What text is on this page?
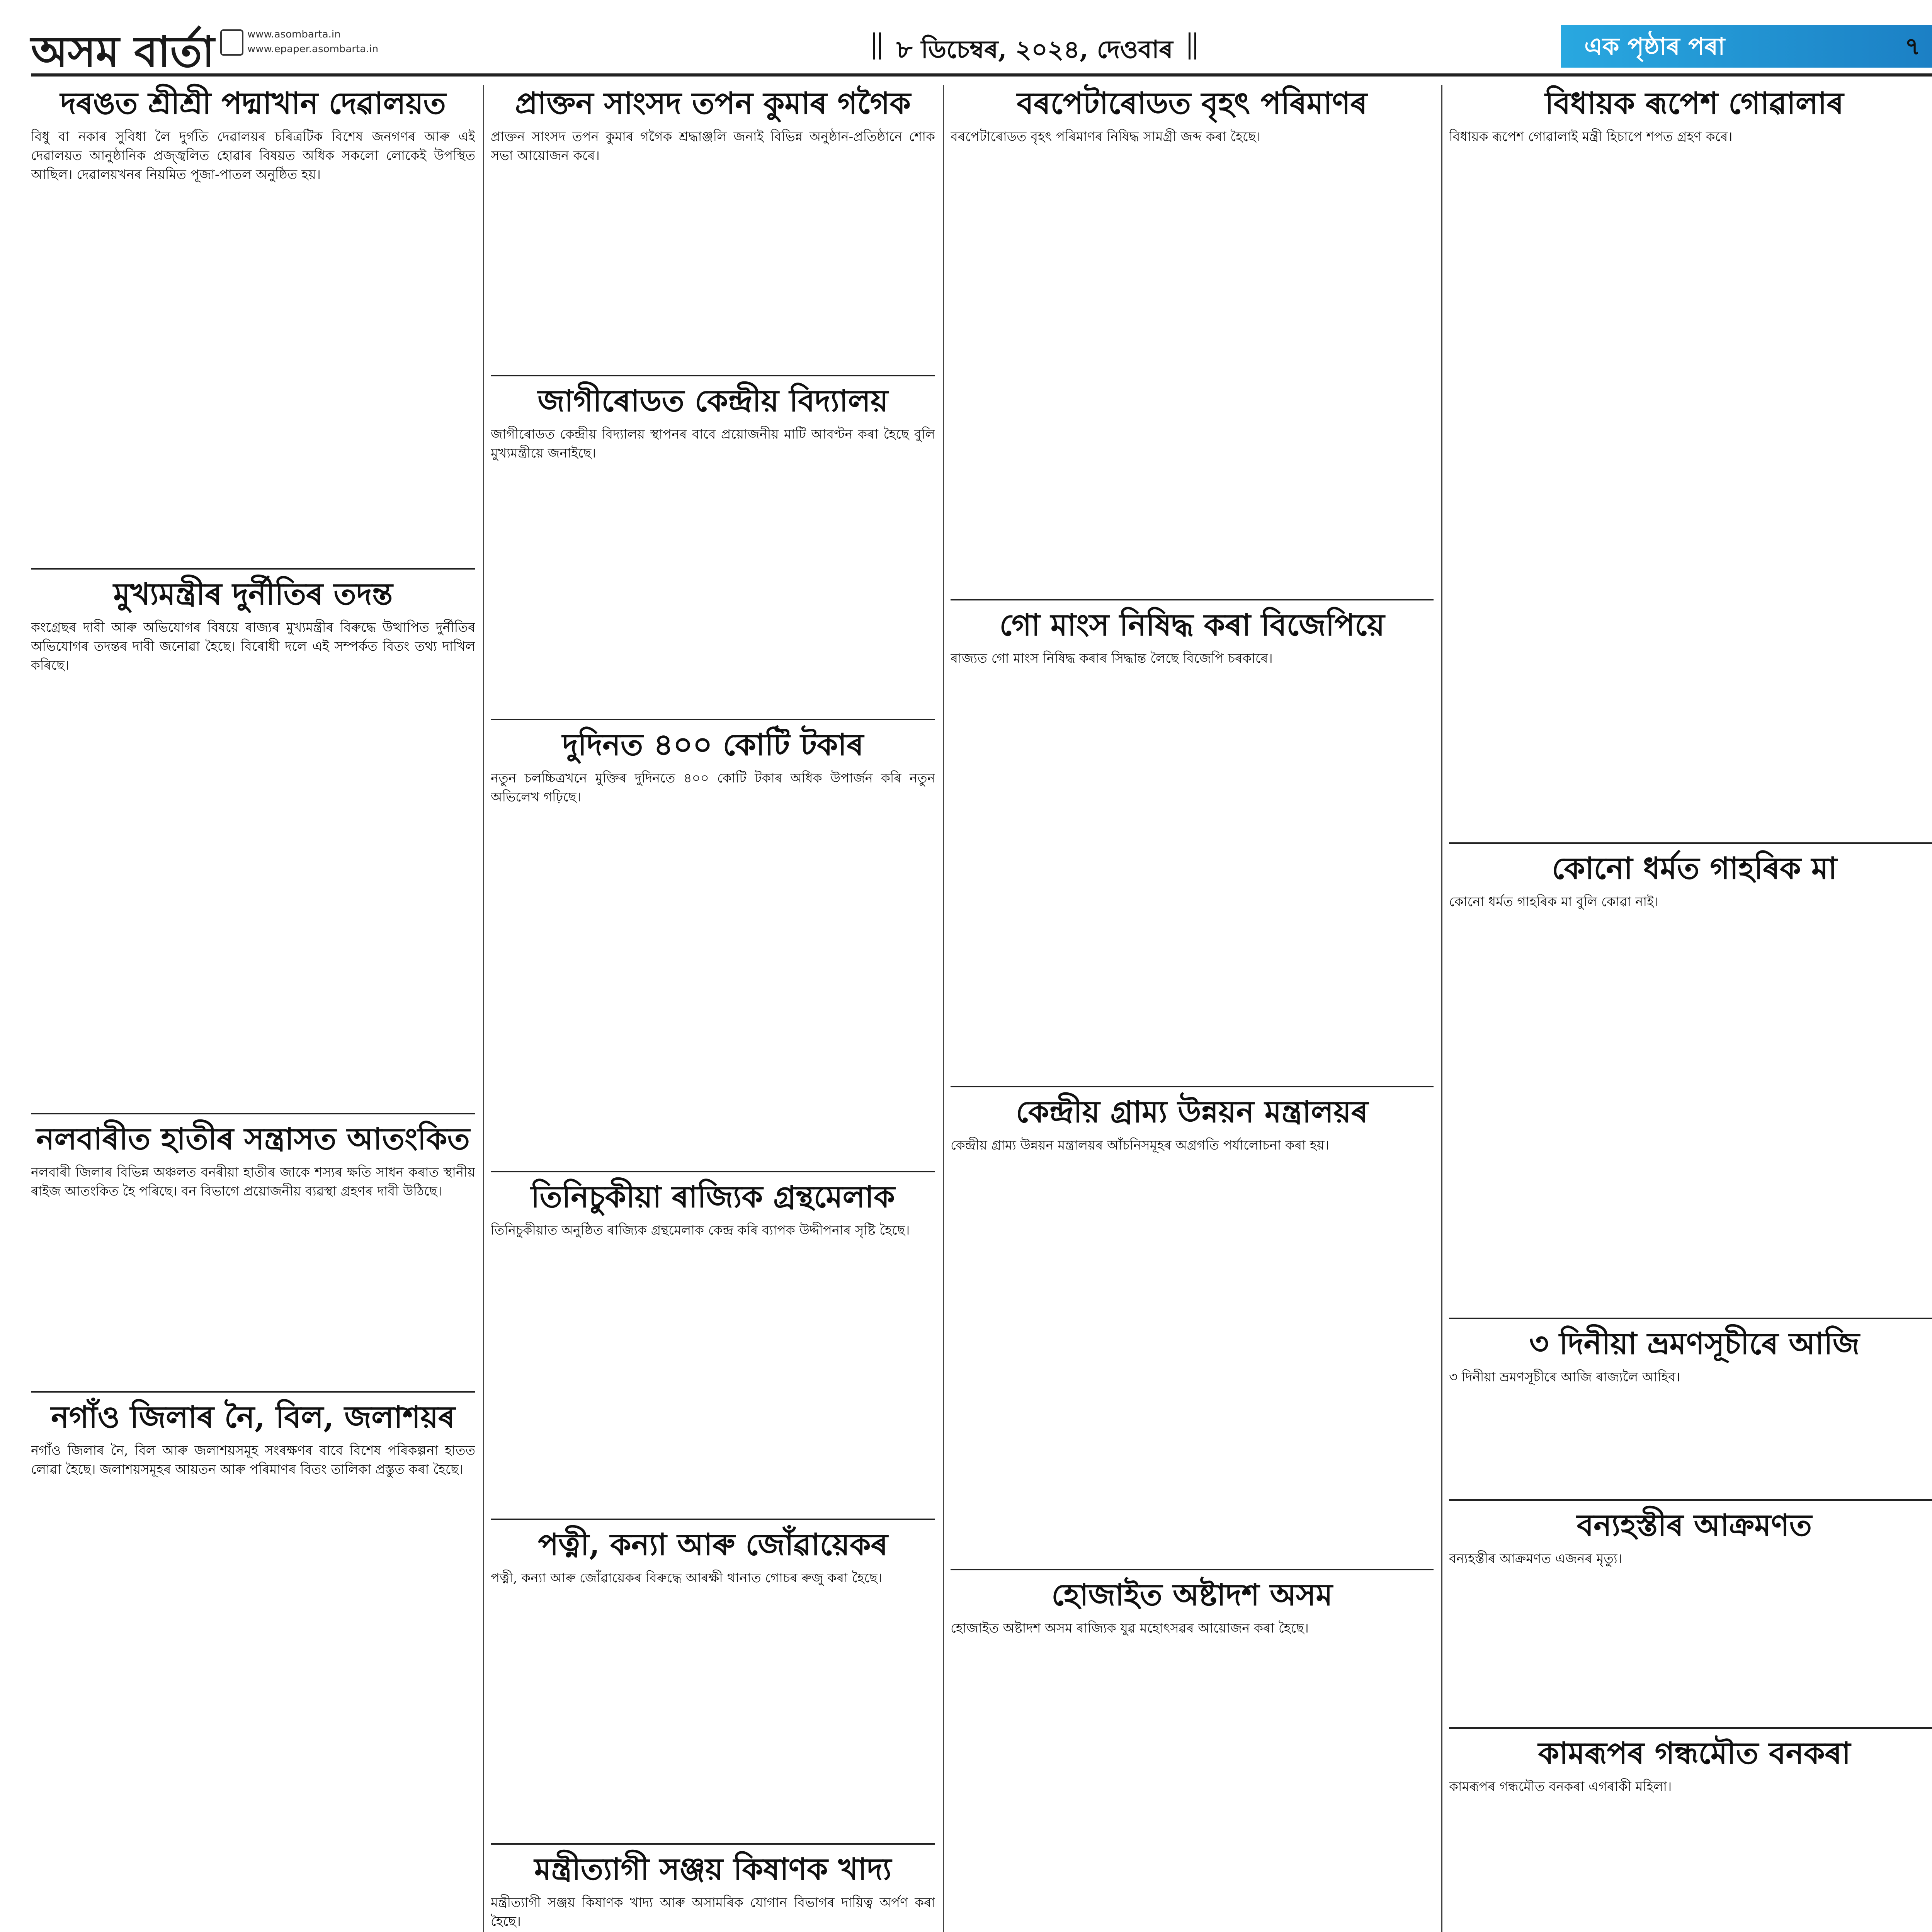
অসম বাৰ্তা	www.asombarta.in
www.epaper.asombarta.in	৮ ডিচেম্বৰ, ২০২৪, দেওবাৰ	এক পৃষ্ঠাৰ পৰা	৭
দৰঙত শ্ৰীশ্ৰী পদ্মাখান দেৱালয়ত

বিধু বা নকাৰ সুবিধা লৈ দুৰ্গতি দেৱালয়ৰ চৰিত্ৰটিক বিশেষ জনগণৰ আৰু এই দেৱালয়ত আনুষ্ঠানিক প্ৰজ্জ্বলিত হোৱাৰ বিষয়ত অধিক সকলো লোকেই উপস্থিত আছিল। দেৱালয়খনৰ নিয়মিত পূজা-পাতল অনুষ্ঠিত হয়।

মুখ্যমন্ত্ৰীৰ দুৰ্নীতিৰ তদন্ত

কংগ্ৰেছৰ দাবী আৰু অভিযোগৰ বিষয়ে ৰাজ্যৰ মুখ্যমন্ত্ৰীৰ বিৰুদ্ধে উত্থাপিত দুৰ্নীতিৰ অভিযোগৰ তদন্তৰ দাবী জনোৱা হৈছে। বিৰোধী দলে এই সম্পৰ্কত বিতং তথ্য দাখিল কৰিছে।

নলবাৰীত হাতীৰ সন্ত্ৰাসত আতংকিত

নলবাৰী জিলাৰ বিভিন্ন অঞ্চলত বনৰীয়া হাতীৰ জাকে শস্যৰ ক্ষতি সাধন কৰাত স্থানীয় ৰাইজ আতংকিত হৈ পৰিছে। বন বিভাগে প্ৰয়োজনীয় ব্যৱস্থা গ্ৰহণৰ দাবী উঠিছে।

নগাঁও জিলাৰ নৈ, বিল, জলাশয়ৰ

নগাঁও জিলাৰ নৈ, বিল আৰু জলাশয়সমূহ সংৰক্ষণৰ বাবে বিশেষ পৰিকল্পনা হাতত লোৱা হৈছে। জলাশয়সমূহৰ আয়তন আৰু পৰিমাণৰ বিতং তালিকা প্ৰস্তুত কৰা হৈছে।

প্ৰাক্তন সাংসদ তপন কুমাৰ গগৈক

প্ৰাক্তন সাংসদ তপন কুমাৰ গগৈক শ্ৰদ্ধাঞ্জলি জনাই বিভিন্ন অনুষ্ঠান-প্ৰতিষ্ঠানে শোক সভা আয়োজন কৰে।

জাগীৰোডত কেন্দ্ৰীয় বিদ্যালয়

জাগীৰোডত কেন্দ্ৰীয় বিদ্যালয় স্থাপনৰ বাবে প্ৰয়োজনীয় মাটি আবণ্টন কৰা হৈছে বুলি মুখ্যমন্ত্ৰীয়ে জনাইছে।

দুদিনত ৪০০ কোটি টকাৰ

নতুন চলচ্চিত্ৰখনে মুক্তিৰ দুদিনতে ৪০০ কোটি টকাৰ অধিক উপাৰ্জন কৰি নতুন অভিলেখ গঢ়িছে।

তিনিচুকীয়া ৰাজ্যিক গ্ৰন্থমেলাক

তিনিচুকীয়াত অনুষ্ঠিত ৰাজ্যিক গ্ৰন্থমেলাক কেন্দ্ৰ কৰি ব্যাপক উদ্দীপনাৰ সৃষ্টি হৈছে।

পত্নী, কন্যা আৰু জোঁৱায়েকৰ

পত্নী, কন্যা আৰু জোঁৱায়েকৰ বিৰুদ্ধে আৰক্ষী থানাত গোচৰ ৰুজু কৰা হৈছে।

মন্ত্ৰীত্যাগী সঞ্জয় কিষাণক খাদ্য

মন্ত্ৰীত্যাগী সঞ্জয় কিষাণক খাদ্য আৰু অসামৰিক যোগান বিভাগৰ দায়িত্ব অৰ্পণ কৰা হৈছে।

বৰপেটাৰোডত বৃহৎ পৰিমাণৰ

বৰপেটাৰোডত বৃহৎ পৰিমাণৰ নিষিদ্ধ সামগ্ৰী জব্দ কৰা হৈছে।

গো মাংস নিষিদ্ধ কৰা বিজেপিয়ে

ৰাজ্যত গো মাংস নিষিদ্ধ কৰাৰ সিদ্ধান্ত লৈছে বিজেপি চৰকাৰে।

কেন্দ্ৰীয় গ্ৰাম্য উন্নয়ন মন্ত্ৰালয়ৰ

কেন্দ্ৰীয় গ্ৰাম্য উন্নয়ন মন্ত্ৰালয়ৰ আঁচনিসমূহৰ অগ্ৰগতি পৰ্যালোচনা কৰা হয়।

হোজাইত অষ্টাদশ অসম

হোজাইত অষ্টাদশ অসম ৰাজ্যিক যুৱ মহোৎসৱৰ আয়োজন কৰা হৈছে।

বিধায়ক ৰূপেশ গোৱালাৰ

বিধায়ক ৰূপেশ গোৱালাই মন্ত্ৰী হিচাপে শপত গ্ৰহণ কৰে।

কোনো ধৰ্মত গাহৰিক মা

কোনো ধৰ্মত গাহৰিক মা বুলি কোৱা নাই।

৩ দিনীয়া ভ্ৰমণসূচীৰে আজি

৩ দিনীয়া ভ্ৰমণসূচীৰে আজি ৰাজ্যলৈ আহিব।

বন্যহস্তীৰ আক্ৰমণত

বন্যহস্তীৰ আক্ৰমণত এজনৰ মৃত্যু।

কামৰূপৰ গন্ধমৌত বনকৰা

কামৰূপৰ গন্ধমৌত বনকৰা এগৰাকী মহিলা।
